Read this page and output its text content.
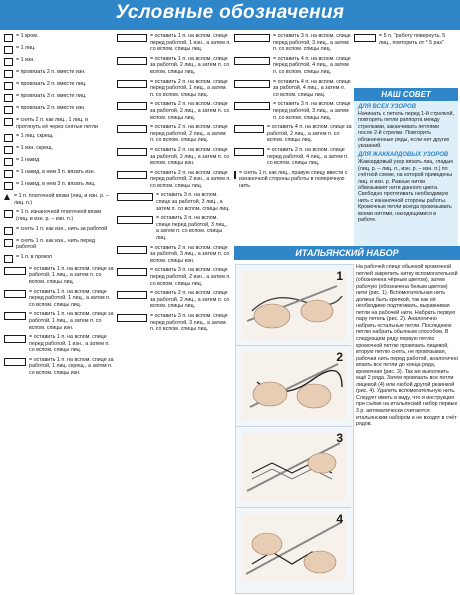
Условные обозначения
= 1 кром.
= 1 лиц.
= 1 изн.
= провязать 2 п. вместе изн.
= провязать 2 п. вместе лиц.
= провязать 3 п. вместе лиц.
= провязать 2 п. вместе изн.
= снять 2 п. как лиц., 1 лиц. и протянуть её через снятые петли
= 1 лиц. скрещ.
= 1 изн. скрещ.
= 1 накид
= 1 накид, в нем 3 п. вязать изн.
= 1 накид, в нем 3 п. вязать лиц.
= 1 п. платочной вязки (лиц. и изн. р. – лиц. п.)
= 1 п. изнаночной платочной вязки (лиц. и изн. р. – изн. п.)
= снять 1 п. как изн., нить за работой
= снять 1 п. как изн., нить перед работой
= 1 п. в прокол
= оставить 1 п. на вспом. спице за работой, 1 лиц., а затем п. со вспом. спицы лиц.
= оставить 1 п. на вспом. спице перед работой, 1 лиц., а затем п. со вспом. спицы лиц.
= оставить 1 п. на вспом. спице за работой, 1 лиц., а затем п. со вспом. спицы изн.
= оставить 1 п. на вспом. спице перед работой, 1 изн., а затем п. со вспом. спицы лиц.
= оставить 1 п. на вспом. спице за работой, 1 лиц. скрещ., а затем п. со вспом. спицы изн.
= оставить 1 п. на вспом. спице перед работой, 1 изн., а затем п. со вспом. спицы лиц.
= оставить 1 п. на вспом. спице за работой, 2 лиц., а затем п. со вспом. спицы лиц.
= оставить 2 п. на вспом. спице перед работой, 1 лиц., а затем п. со вспом. спицы лиц.
= оставить 2 п. на вспом. спице за работой, 2 лиц., а затем п. со вспом. спицы лиц.
= оставить 2 п. на вспом. спице перед работой, 2 лиц., а затем п. со вспом. спицы лиц.
= оставить 2 п. на вспом. спице за работой, 2 лиц., а затем п. со вспом. спицы изн.
= оставить 2 п. на вспом. спице перед работой, 2 изн., а затем п. со вспом. спицы лиц.
= оставить 3 п. на вспом. спице за работой, 3 лиц., а затем п. со вспом. спицы лиц.
= оставить 3 п. на вспом. спице перед работой, 3 лиц., а затем п. со вспом. спицы лиц.
= оставить 2 п. на вспом. спице за работой, 3 лиц., а затем п. со вспом. спицы изн.
= оставить 3 п. на вспом. спице перед работой, 2 изн., а затем п. со вспом. спицы лиц.
= оставить 2 п. на вспом. спице за работой, 2 лиц., а затем п. со вспом. спицы лиц.
= оставить 3 п. на вспом. спице перед работой, 3 лиц., а затем п. со вспом. спицы лиц.
= оставить 3 п. на вспом. спице перед работой, 3 лиц., а затем п. со вспом. спицы лиц.
= оставить 4 п. на вспом. спице перед работой, 4 лиц., а затем п. со вспом. спицы лиц.
= оставить 4 п. на вспом. спице за работой, 4 лиц., а затем п. со вспом. спицы лиц.
= оставить 3 п. на вспом. спице перед работой, 3 лиц., а затем п. со вспом. спицы лиц.
= оставить 4 п. на вспом. спице за работой, 2 лиц., а затем п. со вспом. спицы лиц.
= оставить 2 п. на вспом. спице перед работой, 4 лиц., а затем п. со вспом. спицы лиц.
= снять 1 п. как лиц., правую спицу ввести с изнаночной стороны работы в поперечную нить
= 5 п. "работу повернуть, 5 лиц., повторить от * 5 раз"
НАШ СОВЕТ
ДЛЯ ВСЕХ УЗОРОВ
Начинать с петель перед 1-й стрелкой, повторять петли раппорта между стрелками, заканчивать петлями после 2-й стрелки. Повторить обозначенные ряды, если нет других указаний.
ДЛЯ ЖАККАРДОВЫХ УЗОРОВ
Жаккардовый узор вязать лиц. гладью (лиц. р. – лиц. п., изн. р. – изн. п.) по счётной схеме, на которой приведены лиц. и изн. р. Разные нитки обвязывают нити данного цвета. Свободно протягивать необходимую нить с изнаночной стороны работы. Кромочные петли всегда провязывать всеми нитями, находящимися в работе.
ИТАЛЬЯНСКИЙ НАБОР
1
2
3
4
На рабочей спице обычной кромочной петлей закрепить нитку вспомогательной (обозначена чёрным цветом), затем рабочую (обозначена белым цветом) нити (рис. 1). Вспомогательная нить должна быть крепкой, так как её необходимо подтягивать, выравнивая петли на рабочей нити. Набрать первую пару петель (рис. 2). Аналогично набрать остальные петли. Последнюю петлю набрать обычным способом. В следующем ряду первую петлю кромочной петлю провязать лицевой, вторую петлю снять, не провязывая, рабочая нить перед работой, аналогично вязать все петли до конца ряда, кромочная (рис. 3). Так же выполнить ещё 2 ряда. Затем провязать все петли лицевой (4) или любой другой резинкой (рис. 4). Удалить вспомогательную нить. Следует иметь в виду, что и инструкция при съёме на итальянский набор первые 3 р. автоматически считаются итальянским набором и не входят в счёт рядов.
